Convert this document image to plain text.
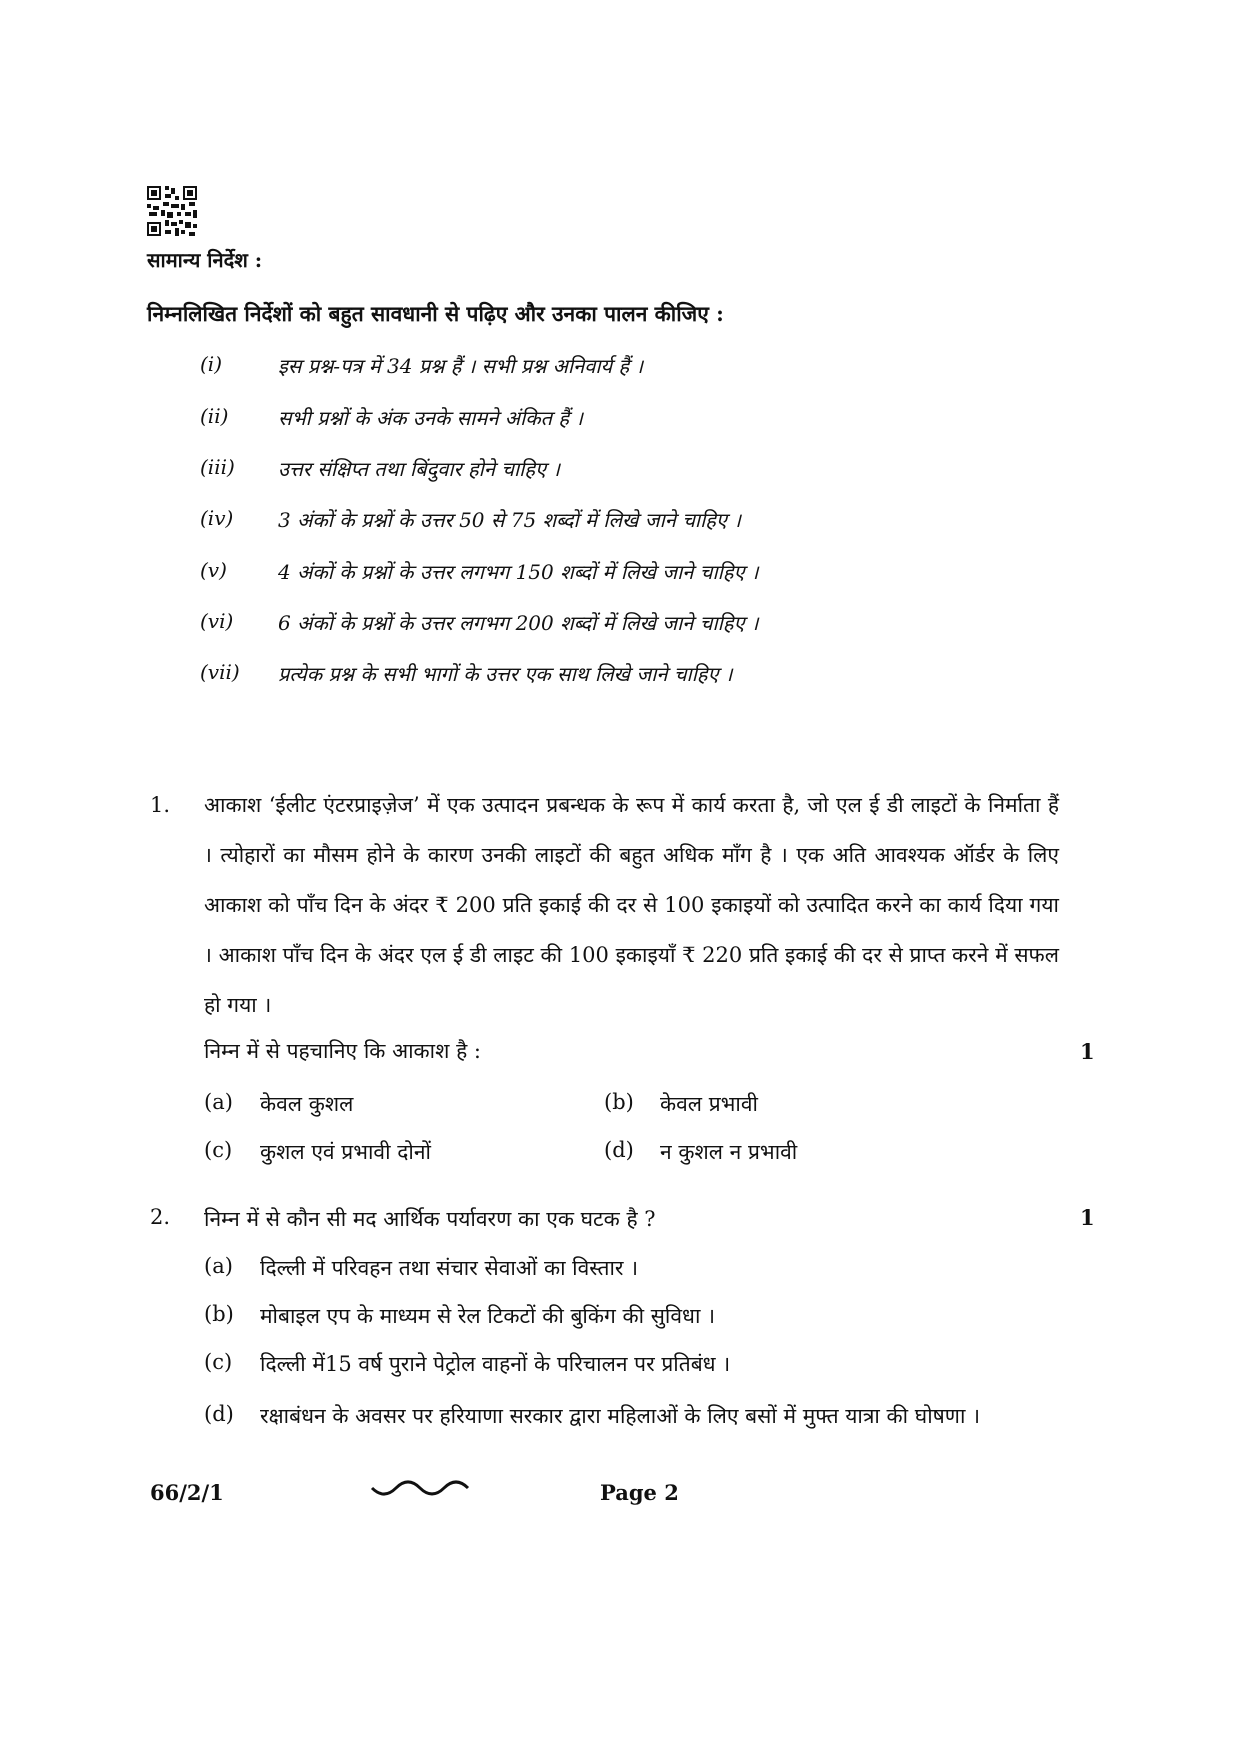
सामान्य निर्देश :
निम्नलिखित निर्देशों को बहुत सावधानी से पढ़िए और उनका पालन कीजिए :
(i)	इस प्रश्न-पत्र में 34 प्रश्न हैं । सभी प्रश्न अनिवार्य हैं ।
(ii) सभी प्रश्नों के अंक उनके सामने अंकित हैं ।
(iii) उत्तर संक्षिप्त तथा बिंदुवार होने चाहिए ।
(iv) 3 अंकों के प्रश्नों के उत्तर 50 से 75 शब्दों में लिखे जाने चाहिए ।
(v)	4 अंकों के प्रश्नों के उत्तर लगभग 150 शब्दों में लिखे जाने चाहिए ।
(vi) 6 अंकों के प्रश्नों के उत्तर लगभग 200 शब्दों में लिखे जाने चाहिए ।
(vii) प्रत्येक प्रश्न के सभी भागों के उत्तर एक साथ लिखे जाने चाहिए ।
1. आकाश ‘ईलीट एंटरप्राइज़ेज’ में एक उत्पादन प्रबन्धक के रूप में कार्य करता है, जो एल ई डी लाइटों के निर्माता हैं । त्योहारों का मौसम होने के कारण उनकी लाइटों की बहुत अधिक माँग है । एक अति आवश्यक ऑर्डर के लिए आकाश को पाँच दिन के अंदर ₹ 200 प्रति इकाई की दर से 100 इकाइयों को उत्पादित करने का कार्य दिया गया । आकाश पाँच दिन के अंदर एल ई डी लाइट की 100 इकाइयाँ ₹ 220 प्रति इकाई की दर से प्राप्त करने में सफल हो गया ।
निम्न में से पहचानिए कि आकाश है :	1
(a) केवल कुशल	(b) केवल प्रभावी
(c) कुशल एवं प्रभावी दोनों	(d) न कुशल न प्रभावी
2. निम्न में से कौन सी मद आर्थिक पर्यावरण का एक घटक है ?	1
(a) दिल्ली में परिवहन तथा संचार सेवाओं का विस्तार ।
(b) मोबाइल एप के माध्यम से रेल टिकटों की बुकिंग की सुविधा ।
(c) दिल्ली में15 वर्ष पुराने पेट्रोल वाहनों के परिचालन पर प्रतिबंध ।
(d) रक्षाबंधन के अवसर पर हरियाणा सरकार द्वारा महिलाओं के लिए बसों में मुफ्त यात्रा की घोषणा ।
66/2/1	Page 2
